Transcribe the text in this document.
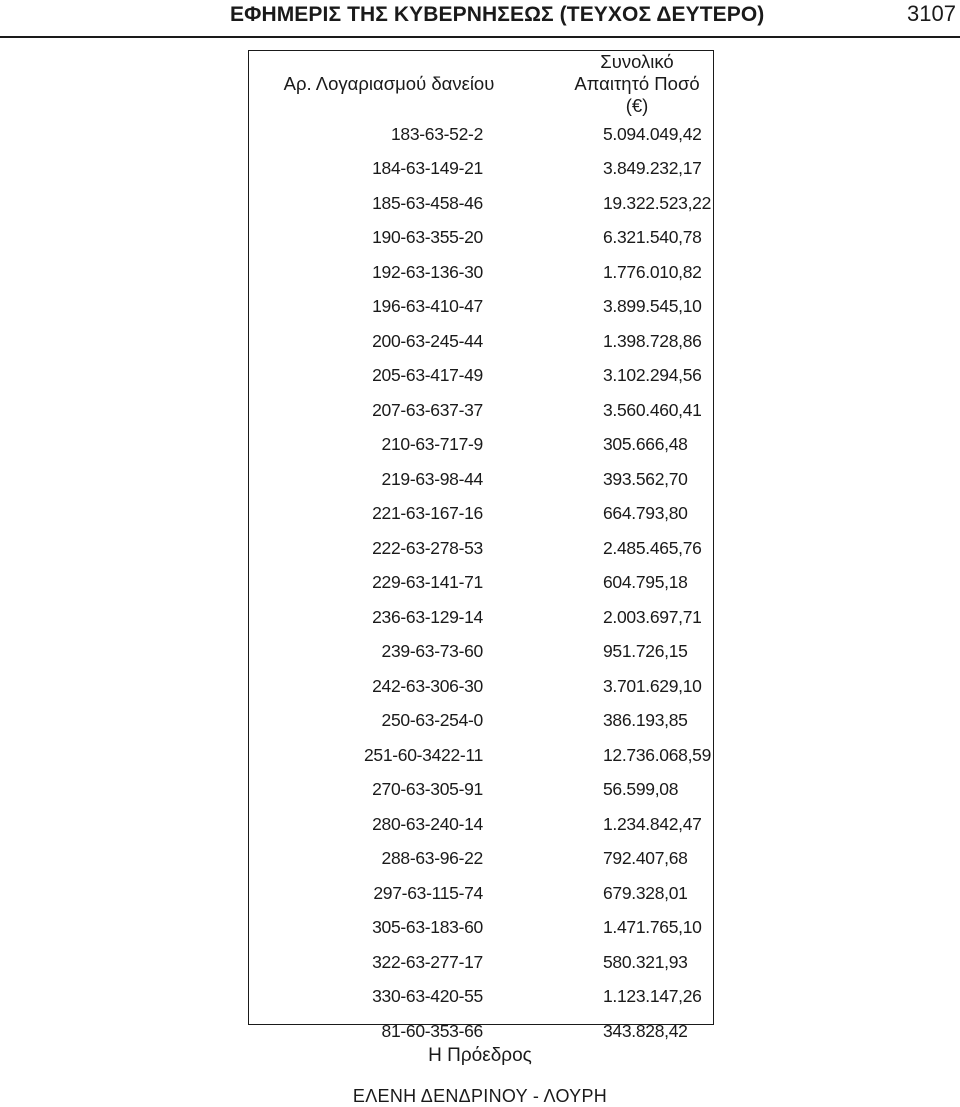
ΕΦΗΜΕΡΙΣ ΤΗΣ ΚΥΒΕΡΝΗΣΕΩΣ (ΤΕΥΧΟΣ ΔΕΥΤΕΡΟ)	3107
Αρ. Λογαριασμού δανείου	Συνολικό
Απαιτητό Ποσό (€)

183-63-52-2	5.094.049,42
184-63-149-21	3.849.232,17
185-63-458-46	19.322.523,22
190-63-355-20	6.321.540,78
192-63-136-30	1.776.010,82
196-63-410-47	3.899.545,10
200-63-245-44	1.398.728,86
205-63-417-49	3.102.294,56
207-63-637-37	3.560.460,41
210-63-717-9	305.666,48
219-63-98-44	393.562,70
221-63-167-16	664.793,80
222-63-278-53	2.485.465,76
229-63-141-71	604.795,18
236-63-129-14	2.003.697,71
239-63-73-60	951.726,15
242-63-306-30	3.701.629,10
250-63-254-0	386.193,85
251-60-3422-11	12.736.068,59
270-63-305-91	56.599,08
280-63-240-14	1.234.842,47
288-63-96-22	792.407,68
297-63-115-74	679.328,01
305-63-183-60	1.471.765,10
322-63-277-17	580.321,93
330-63-420-55	1.123.147,26
81-60-353-66	343.828,42
Η Πρόεδρος
ΕΛΕΝΗ ΔΕΝΔΡΙΝΟΥ - ΛΟΥΡΗ
